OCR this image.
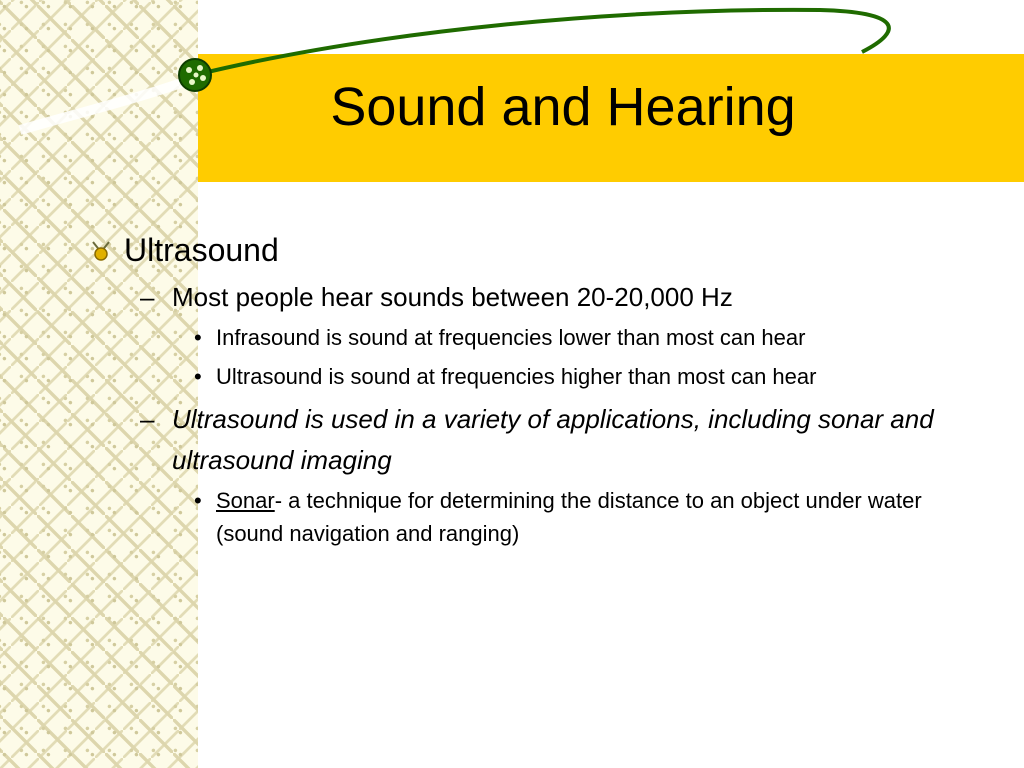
Sound and Hearing
Ultrasound
– Most people hear sounds between 20-20,000 Hz
• Infrasound is sound at frequencies lower than most can hear
• Ultrasound is sound at frequencies higher than most can hear
– Ultrasound is used in a variety of applications, including sonar and ultrasound imaging
• Sonar- a technique for determining the distance to an object under water (sound navigation and ranging)
